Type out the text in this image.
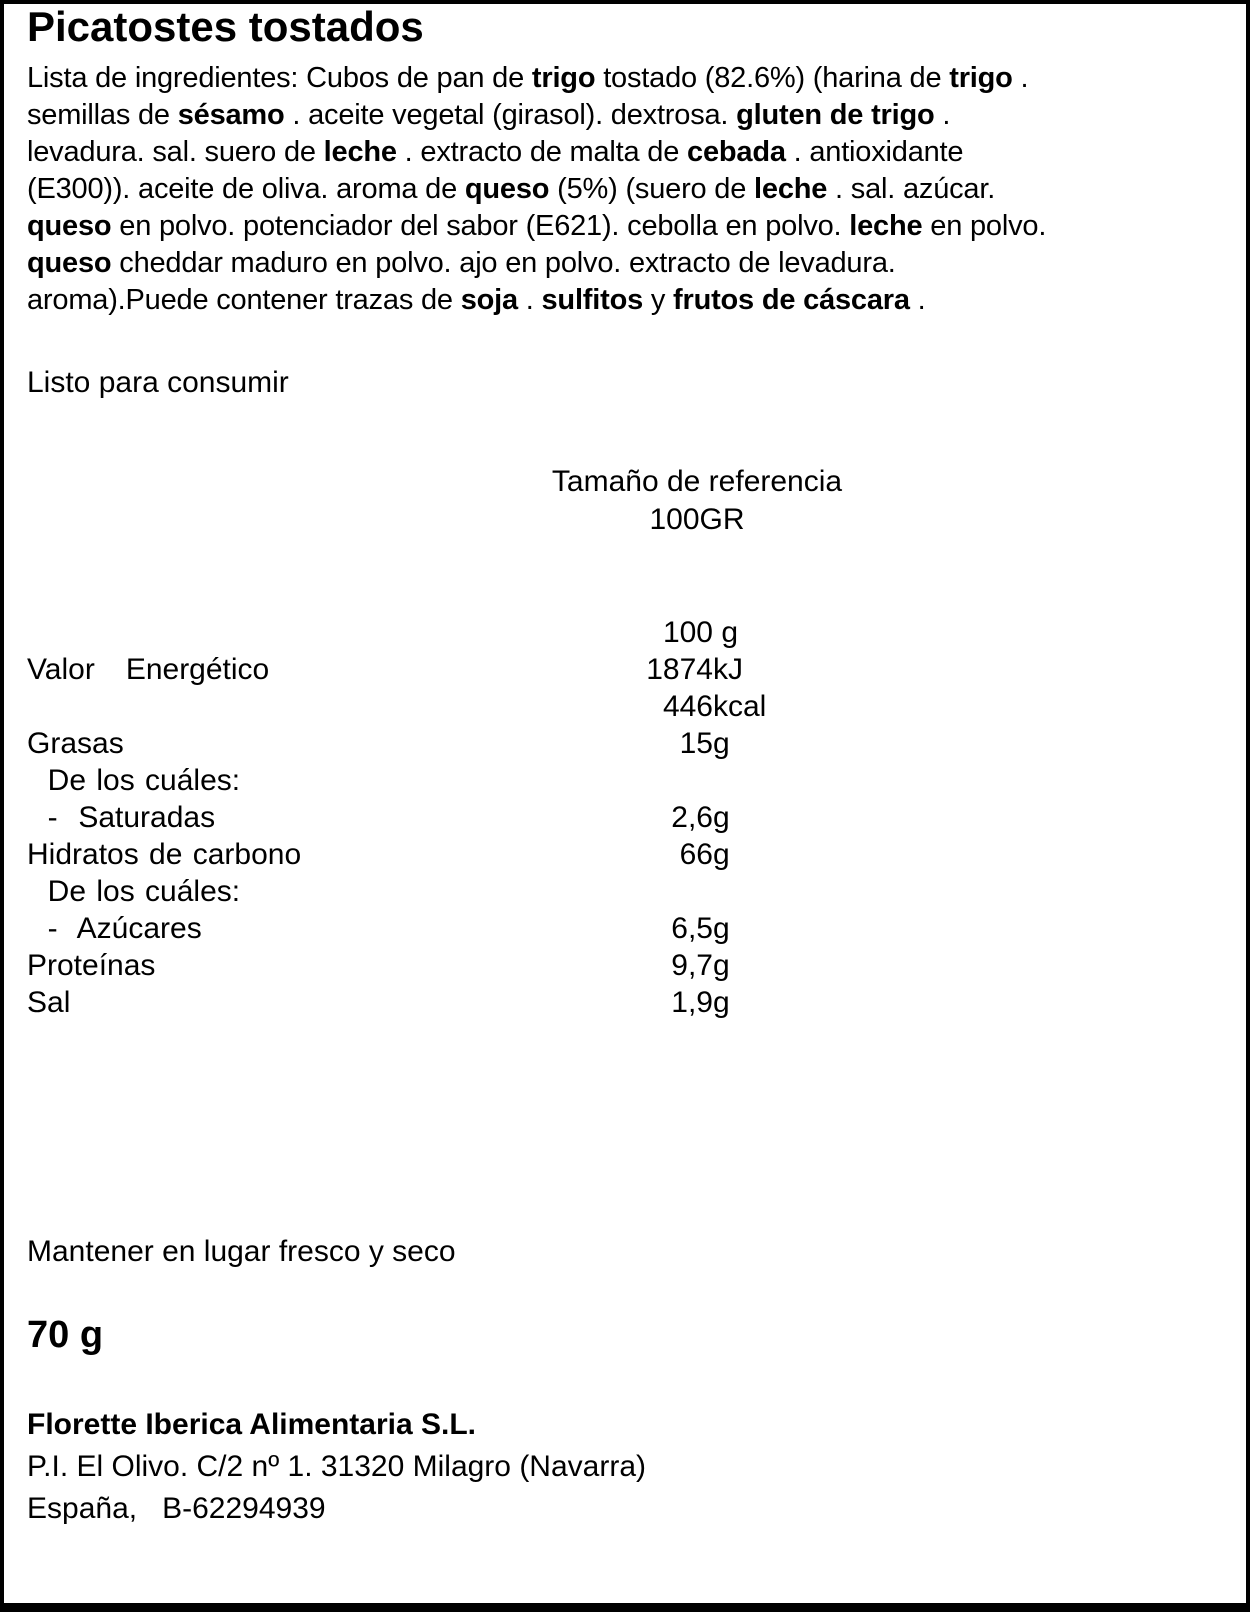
Picatostes tostados
Lista de ingredientes: Cubos de pan de trigo tostado (82.6%) (harina de trigo .
semillas de sésamo . aceite vegetal (girasol). dextrosa. gluten de trigo .
levadura. sal. suero de leche . extracto de malta de cebada . antioxidante
(E300)). aceite de oliva. aroma de queso (5%) (suero de leche . sal. azúcar.
queso en polvo. potenciador del sabor (E621). cebolla en polvo. leche en polvo.
queso cheddar maduro en polvo. ajo en polvo. extracto de levadura.
aroma).Puede contener trazas de soja . sulfitos y frutos de cáscara .
Listo para consumir
Tamaño de referencia
100GR
100 g
Valor   Energético	1874 kJ
446 kcal
Grasas	15 g
De los cuáles:
-  Saturadas	2,6 g
Hidratos de carbono	66 g
De los cuáles:
-  Azúcares	6,5 g
Proteínas	9,7 g
Sal	1,9 g
Mantener en lugar fresco y seco
70 g
Florette Iberica Alimentaria S.L.
P.I. El Olivo. C/2 nº 1. 31320 Milagro (Navarra)
España,   B-62294939
